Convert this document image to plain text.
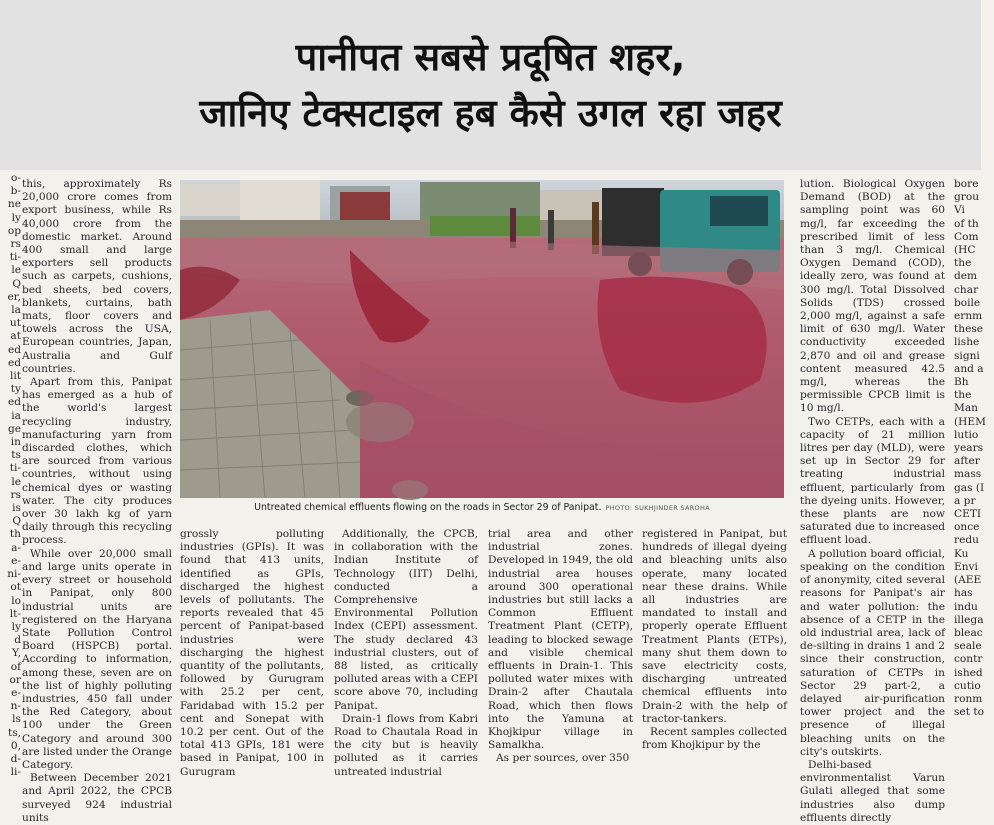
पानीपत सबसे प्रदूषित शहर,
जानिए टेक्सटाइल हब कैसे उगल रहा जहर
o-
b-
ne
ly
op
rs
ti-
le
Q
er,
la
ut
at
ed
ed
lit
ty
ed
ia
ge
in
ts
ti-
le
rs
is
Q
th
a-
e-
ni-
ot
lo
lt-
ly
d
Y,
of
or
e-
n-
ls
ts,
0,
d-
li-

this, approximately Rs 20,000 crore comes from export business, while Rs 40,000 crore from the domestic market. Around 400 small and large exporters sell products such as carpets, cushions, bed sheets, bed covers, blankets, curtains, bath mats, floor covers and towels across the USA, European countries, Japan, Australia and Gulf countries.

Apart from this, Panipat has emerged as a hub of the world's largest recycling industry, manufacturing yarn from discarded clothes, which are sourced from various countries, without using chemical dyes or wasting water. The city produces over 30 lakh kg of yarn daily through this recycling process.

While over 20,000 small and large units operate in every street or household in Panipat, only 800 industrial units are registered on the Haryana State Pollution Control Board (HSPCB) portal. According to information, among these, seven are on the list of highly polluting industries, 450 fall under the Red Category, about 100 under the Green Category and around 300 are listed under the Orange Category.

Between December 2021 and April 2022, the CPCB surveyed 924 industrial units

Untreated chemical effluents flowing on the roads in Sector 29 of Panipat. PHOTO: SUKHJINDER SAROHA

grossly polluting industries (GPIs). It was found that 413 units, identified as GPIs, discharged the highest levels of pollutants. The reports revealed that 45 percent of Panipat-based industries were discharging the highest quantity of the pollutants, followed by Gurugram with 25.2 per cent, Faridabad with 15.2 per cent and Sonepat with 10.2 per cent. Out of the total 413 GPIs, 181 were based in Panipat, 100 in Gurugram

Additionally, the CPCB, in collaboration with the Indian Institute of Technology (IIT) Delhi, conducted a Comprehensive Environmental Pollution Index (CEPI) assessment. The study declared 43 industrial clusters, out of 88 listed, as critically polluted areas with a CEPI score above 70, including Panipat.

Drain-1 flows from Kabri Road to Chautala Road in the city but is heavily polluted as it carries untreated industrial

trial area and other industrial zones. Developed in 1949, the old industrial area houses around 300 operational industries but still lacks a Common Effluent Treatment Plant (CETP), leading to blocked sewage and visible chemical effluents in Drain-1. This polluted water mixes with Drain-2 after Chautala Road, which then flows into the Yamuna at Khojkipur village in Samalkha.

As per sources, over 350

registered in Panipat, but hundreds of illegal dyeing and bleaching units also operate, many located near these drains. While all industries are mandated to install and properly operate Effluent Treatment Plants (ETPs), many shut them down to save electricity costs, discharging untreated chemical effluents into Drain-2 with the help of tractor-tankers.

Recent samples collected from Khojkipur by the

lution. Biological Oxygen Demand (BOD) at the sampling point was 60 mg/l, far exceeding the prescribed limit of less than 3 mg/l. Chemical Oxygen Demand (COD), ideally zero, was found at 300 mg/l. Total Dissolved Solids (TDS) crossed 2,000 mg/l, against a safe limit of 630 mg/l. Water conductivity exceeded 2,870 and oil and grease content measured 42.5 mg/l, whereas the permissible CPCB limit is 10 mg/l.

Two CETPs, each with a capacity of 21 million litres per day (MLD), were set up in Sector 29 for treating industrial effluent, particularly from the dyeing units. However, these plants are now saturated due to increased effluent load.

A pollution board official, speaking on the condition of anonymity, cited several reasons for Panipat's air and water pollution: the absence of a CETP in the old industrial area, lack of de-silting in drains 1 and 2 since their construction, saturation of CETPs in Sector 29 part-2, a delayed air-purification tower project and the presence of illegal bleaching units on the city's outskirts.

Delhi-based environmentalist Varun Gulati alleged that some industries also dump effluents directly

bore
grou
Vi
of th
Com
(HC
the
dem
char
boile
ernm
these
lishe
signi
and a
Bh
the
Man
(HEM
lutio
years
after
mass
gas (I
a pr
CETI
once
redu
Ku
Envi
(AEE
has
indu
illega
bleac
seale
contr
ished
cutio
ronm
set to
